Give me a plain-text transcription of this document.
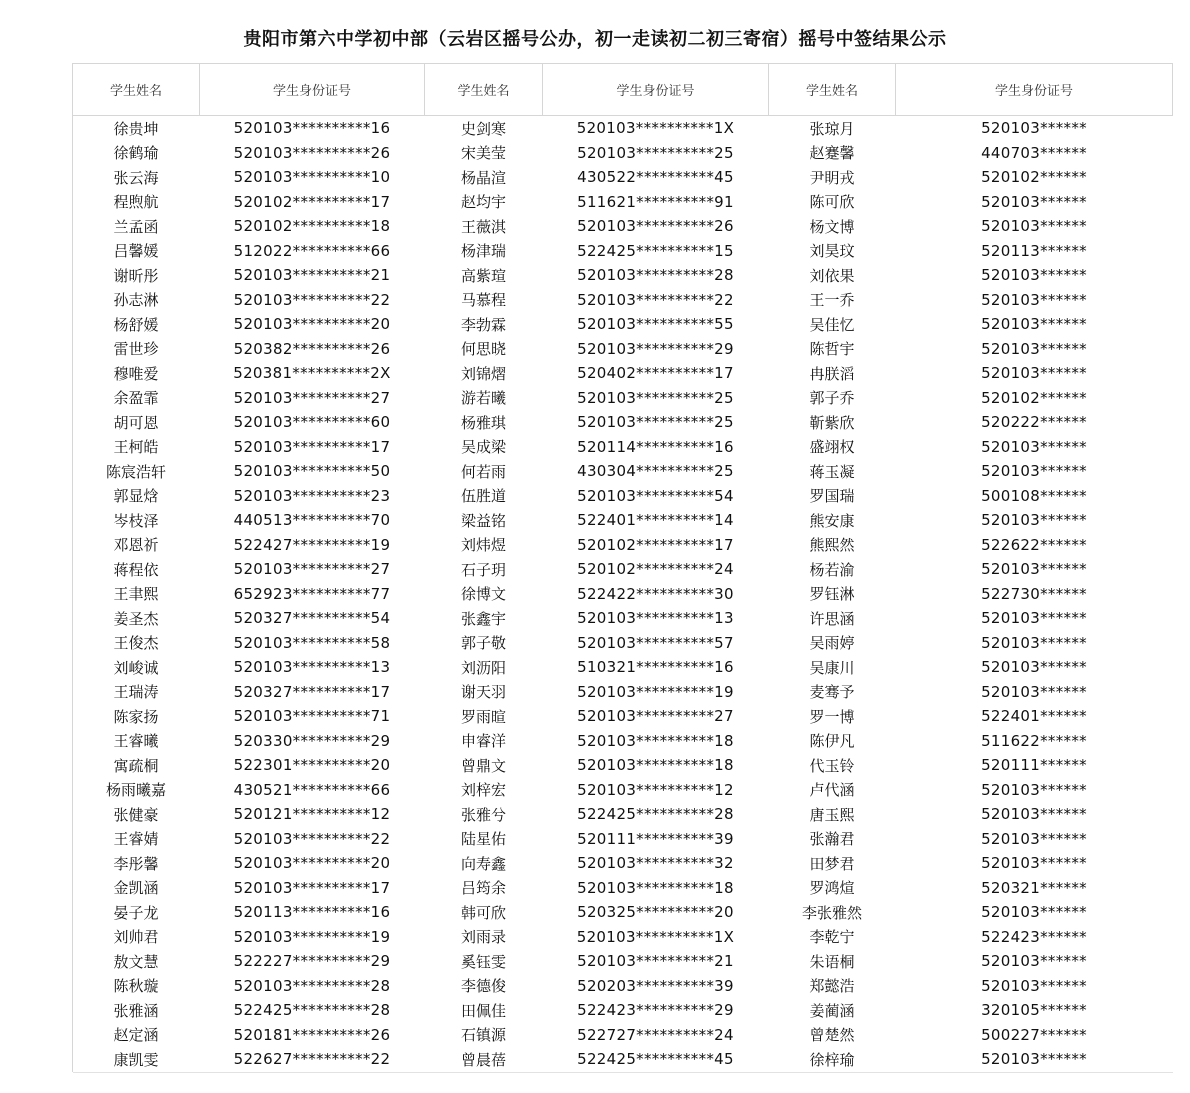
贵阳市第六中学初中部（云岩区摇号公办，初一走读初二初三寄宿）摇号中签结果公示
学生姓名	学生身份证号	学生姓名	学生身份证号	学生姓名	学生身份证号
徐贵坤	520103**********16	史剑寒	520103**********1X	张琼月	520103******
徐鹤瑜	520103**********26	宋美莹	520103**********25	赵蹇馨	440703******
张云海	520103**********10	杨晶渲	430522**********45	尹眀戎	520102******
程煦航	520102**********17	赵均宇	511621**********91	陈可欣	520103******
兰孟函	520102**********18	王薇淇	520103**********26	杨文博	520103******
吕馨媛	512022**********66	杨津瑞	522425**********15	刘昊玟	520113******
谢昕彤	520103**********21	高紫瑄	520103**********28	刘依果	520103******
孙志淋	520103**********22	马慕程	520103**********22	王一乔	520103******
杨舒媛	520103**********20	李勃霖	520103**********55	吴佳忆	520103******
雷世珍	520382**********26	何思晓	520103**********29	陈哲宇	520103******
穆唯爱	520381**********2X	刘锦熠	520402**********17	冉朕滔	520103******
余盈霏	520103**********27	游若曦	520103**********25	郭子乔	520102******
胡可恩	520103**********60	杨雅琪	520103**********25	靳紫欣	520222******
王柯皓	520103**********17	吴成梁	520114**********16	盛翊权	520103******
陈宸浩轩	520103**********50	何若雨	430304**********25	蒋玉凝	520103******
郭显焓	520103**********23	伍胜道	520103**********54	罗国瑞	500108******
岑枝泽	440513**********70	梁益铭	522401**********14	熊安康	520103******
邓恩祈	522427**********19	刘炜煜	520102**********17	熊熙然	522622******
蒋程依	520103**********27	石子玥	520102**********24	杨若渝	520103******
王聿熙	652923**********77	徐博文	522422**********30	罗钰淋	522730******
姜圣杰	520327**********54	张鑫宇	520103**********13	许思涵	520103******
王俊杰	520103**********58	郭子敬	520103**********57	吴雨婷	520103******
刘峻诚	520103**********13	刘沥阳	510321**********16	吴康川	520103******
王瑞涛	520327**********17	谢天羽	520103**********19	麦骞予	520103******
陈家扬	520103**********71	罗雨暄	520103**********27	罗一博	522401******
王睿曦	520330**********29	申睿洋	520103**********18	陈伊凡	511622******
寓疏桐	522301**********20	曾鼎文	520103**********18	代玉铃	520111******
杨雨曦嘉	430521**********66	刘梓宏	520103**********12	卢代涵	520103******
张健豪	520121**********12	张雅兮	522425**********28	唐玉熙	520103******
王睿婧	520103**********22	陆星佑	520111**********39	张瀚君	520103******
李彤馨	520103**********20	向寿鑫	520103**********32	田梦君	520103******
金凯涵	520103**********17	吕筠余	520103**********18	罗鸿煊	520321******
晏子龙	520113**********16	韩可欣	520325**********20	李张雅然	520103******
刘帅君	520103**********19	刘雨录	520103**********1X	李乾宁	522423******
敖文慧	522227**********29	奚钰雯	520103**********21	朱语桐	520103******
陈秋璇	520103**********28	李德俊	520203**********39	郑懿浩	520103******
张雅涵	522425**********28	田佩佳	522423**********29	姜蔺涵	320105******
赵定涵	520181**********26	石镇源	522727**********24	曾楚然	500227******
康凯雯	522627**********22	曾晨蓓	522425**********45	徐梓瑜	520103******
